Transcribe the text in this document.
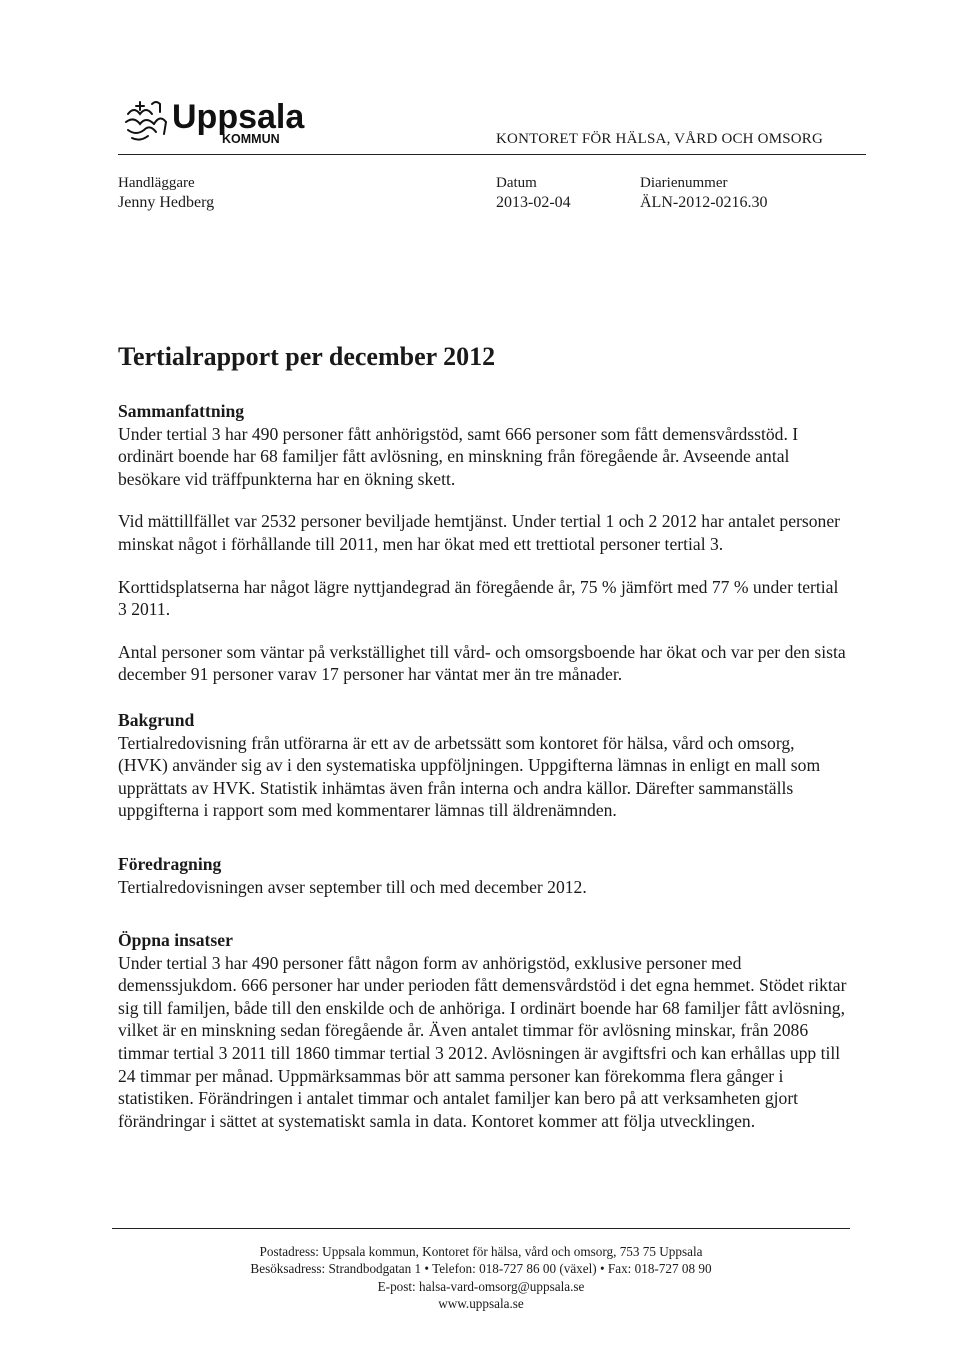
Uppsala
KOMMUN	KONTORET FÖR HÄLSA, VÅRD OCH OMSORG
Handläggare
Jenny Hedberg
Datum
2013-02-04
Diarienummer
ÄLN-2012-0216.30
Tertialrapport per december 2012
Sammanfattning

Under tertial 3 har 490 personer fått anhörigstöd, samt 666 personer som fått demensvårdsstöd. I ordinärt boende har 68 familjer fått avlösning, en minskning från föregående år. Avseende antal besökare vid träffpunkterna har en ökning skett.

Vid mättillfället var 2532 personer beviljade hemtjänst. Under tertial 1 och 2 2012 har antalet personer minskat något i förhållande till 2011, men har ökat med ett trettiotal personer tertial 3.

Korttidsplatserna har något lägre nyttjandegrad än föregående år, 75 % jämfört med 77 % under tertial 3 2011.

Antal personer som väntar på verkställighet till vård- och omsorgsboende har ökat och var per den sista december 91 personer varav 17 personer har väntat mer än tre månader.

Bakgrund

Tertialredovisning från utförarna är ett av de arbetssätt som kontoret för hälsa, vård och omsorg, (HVK) använder sig av i den systematiska uppföljningen. Uppgifterna lämnas in enligt en mall som upprättats av HVK. Statistik inhämtas även från interna och andra källor. Därefter sammanställs uppgifterna i rapport som med kommentarer lämnas till äldrenämnden.

Föredragning

Tertialredovisningen avser september till och med december 2012.

Öppna insatser

Under tertial 3 har 490 personer fått någon form av anhörigstöd, exklusive personer med demenssjukdom. 666 personer har under perioden fått demensvårdstöd i det egna hemmet. Stödet riktar sig till familjen, både till den enskilde och de anhöriga. I ordinärt boende har 68 familjer fått avlösning, vilket är en minskning sedan föregående år. Även antalet timmar för avlösning minskar, från 2086 timmar tertial 3 2011 till 1860 timmar tertial 3 2012. Avlösningen är avgiftsfri och kan erhållas upp till 24 timmar per månad. Uppmärksammas bör att samma personer kan förekomma flera gånger i statistiken. Förändringen i antalet timmar och antalet familjer kan bero på att verksamheten gjort förändringar i sättet at systematiskt samla in data. Kontoret kommer att följa utvecklingen.

Postadress: Uppsala kommun, Kontoret för hälsa, vård och omsorg, 753 75 Uppsala
Besöksadress: Strandbodgatan 1 • Telefon: 018-727 86 00 (växel) • Fax: 018-727 08 90
E-post: halsa-vard-omsorg@uppsala.se
www.uppsala.se
